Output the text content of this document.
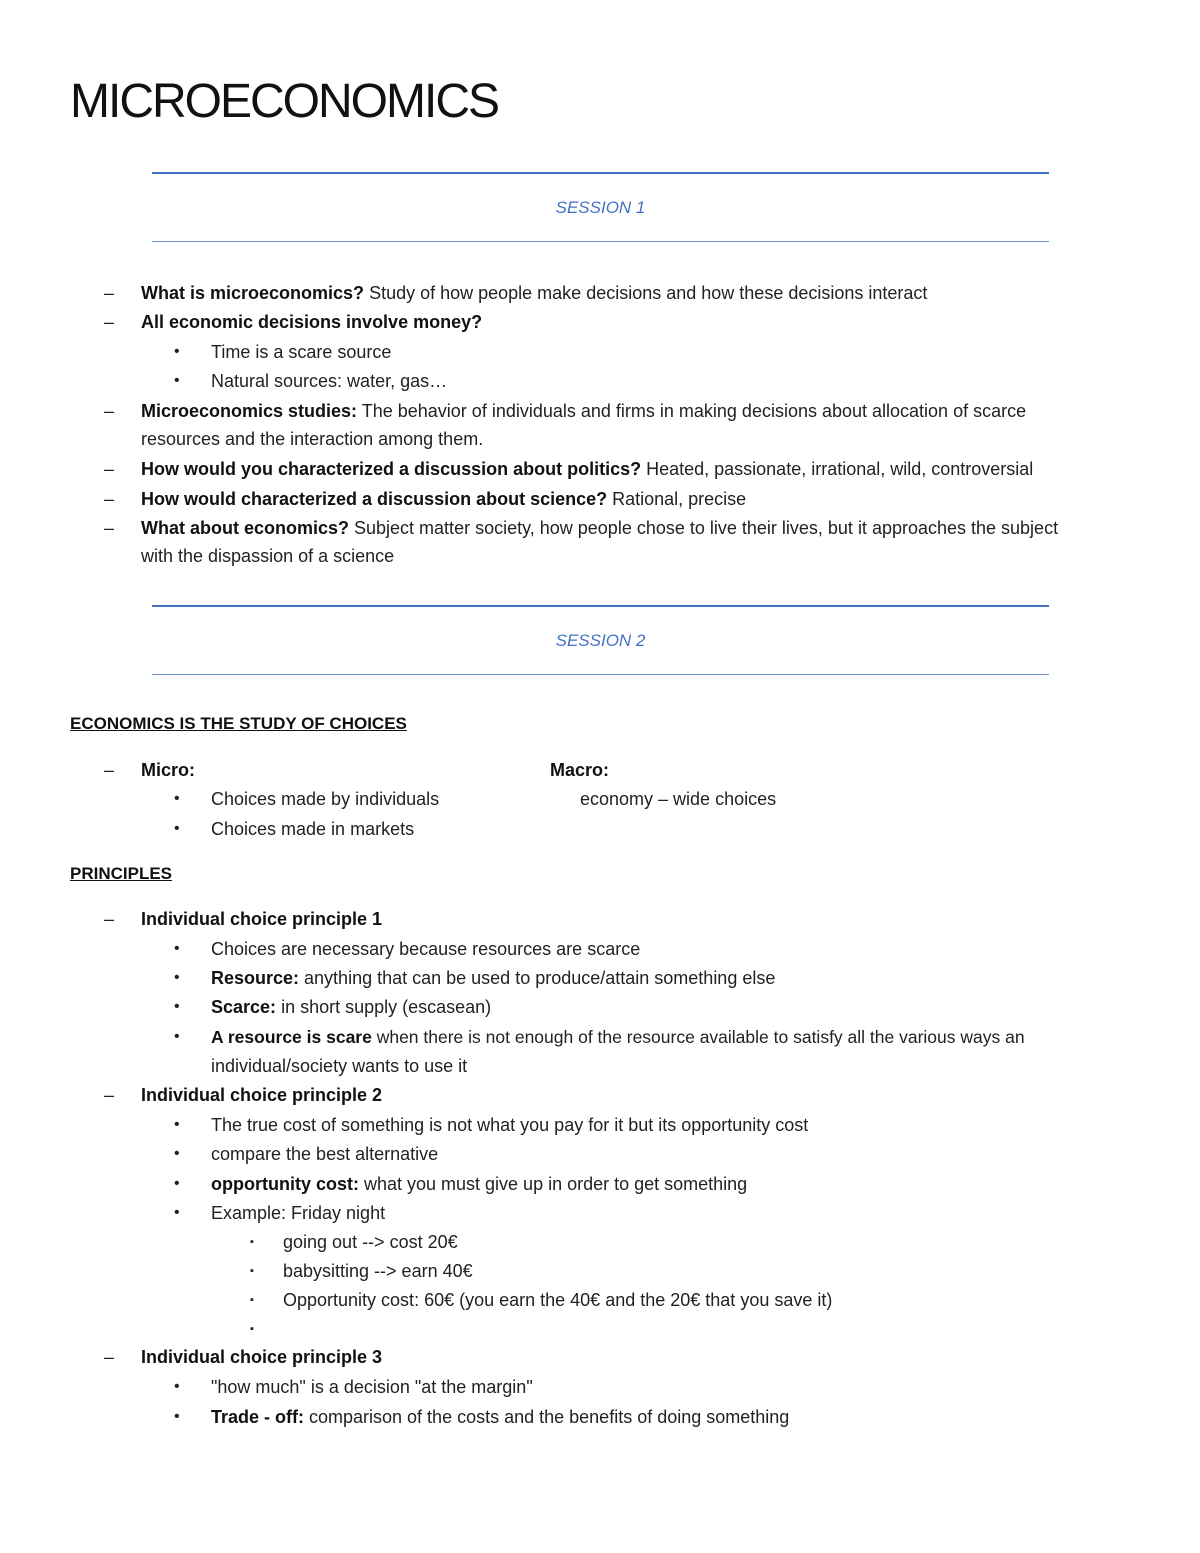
MICROECONOMICS
SESSION 1
– What is microeconomics? Study of how people make decisions and how these decisions interact
– All economic decisions involve money?
• Time is a scare source
• Natural sources: water, gas…
– Microeconomics studies: The behavior of individuals and firms in making decisions about allocation of scarce
resources and the interaction among them.
– How would you characterized a discussion about politics? Heated, passionate, irrational, wild, controversial
– How would characterized a discussion about science? Rational, precise
– What about economics? Subject matter society, how people chose to live their lives, but it approaches the subject
with the dispassion of a science
SESSION 2
ECONOMICS IS THE STUDY OF CHOICES
– Micro:	Macro:
• Choices made by individuals	economy – wide choices
• Choices made in markets
PRINCIPLES
– Individual choice principle 1
• Choices are necessary because resources are scarce
• Resource: anything that can be used to produce/attain something else
• Scarce: in short supply (escasean)
• A resource is scare when there is not enough of the resource available to satisfy all the various ways an
individual/society wants to use it
– Individual choice principle 2
• The true cost of something is not what you pay for it but its opportunity cost
• compare the best alternative
• opportunity cost: what you must give up in order to get something
• Example: Friday night
▪ going out --> cost 20€
▪ babysitting --> earn 40€
▪ Opportunity cost: 60€ (you earn the 40€ and the 20€ that you save it)
▪
– Individual choice principle 3
• "how much" is a decision "at the margin"
• Trade - off: comparison of the costs and the benefits of doing something
